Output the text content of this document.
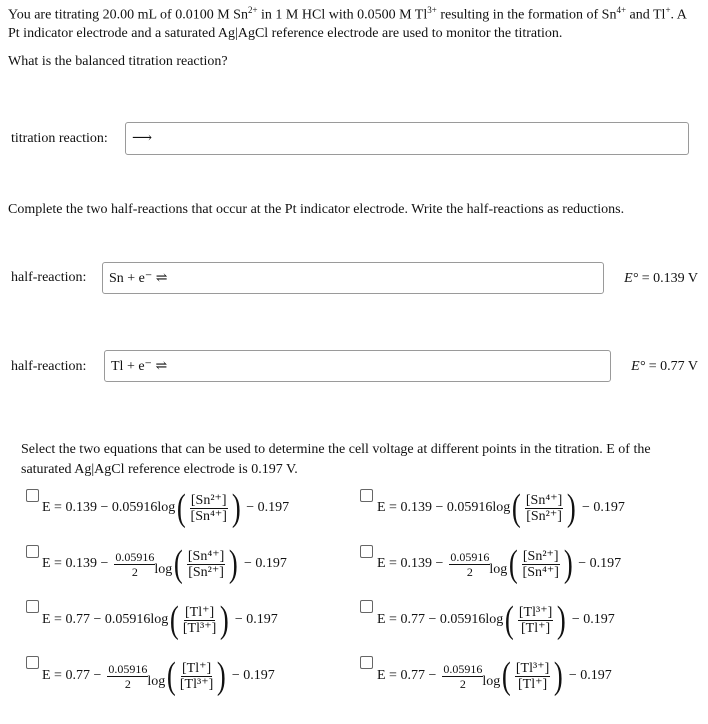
You are titrating 20.00 mL of 0.0100 M $Sn^{2+}$ in 1 M HCl with 0.0500 M $Tl^{3+}$ resulting in the formation of $Sn^{4+}$ and Tl+. A
Pt indicator electrode and a saturated Ag|AgCl reference electrode are used to monitor the titration.
What is the balanced titration reaction?
titration reaction: ⟶
Complete the two half-reactions that occur at the Pt indicator electrode. Write the half-reactions as reductions.
half-reaction: Sn + e⁻ ⇌	E° = 0.139 V
half-reaction: Tl + e⁻ ⇌	E° = 0.77 V
Select the two equations that can be used to determine the cell voltage at different points in the titration. E of the
saturated Ag|AgCl reference electrode is 0.197 V.
E = 0.139 − 0.05916log ( $\frac{\text{[Sn²⁺]}}{\text{[Sn⁴⁺]}}$ ) − 0.197	E = 0.139 − 0.05916log ( $\frac{\text{[Sn⁴⁺]}}{\text{[Sn²⁺]}}$ ) − 0.197
$E = 0.139 - \frac{0.05916}{2}$ log ( $\frac{\text{[Sn⁴⁺]}}{\text{[Sn²⁺]}}$ ) − 0.197	$E = 0.139 - \frac{0.05916}{2}$ log ( $\frac{\text{[Sn²⁺]}}{\text{[Sn⁴⁺]}}$ ) − 0.197
E = 0.77 − 0.05916log ( $\frac{[Tl^+]}{\text{[Tl³⁺]}}$ ) − 0.197	E = 0.77 − 0.05916log ( $\frac{\text{[Tl³⁺]}}{[Tl^+]}$ ) − 0.197
$E = 0.77 - \frac{0.05916}{2}$ log ( $\frac{[Tl^+]}{\text{[Tl³⁺]}}$ ) − 0.197	$E = 0.77 - \frac{0.05916}{2}$ log ( $\frac{\text{[Tl³⁺]}}{[Tl^+]}$ ) − 0.197
